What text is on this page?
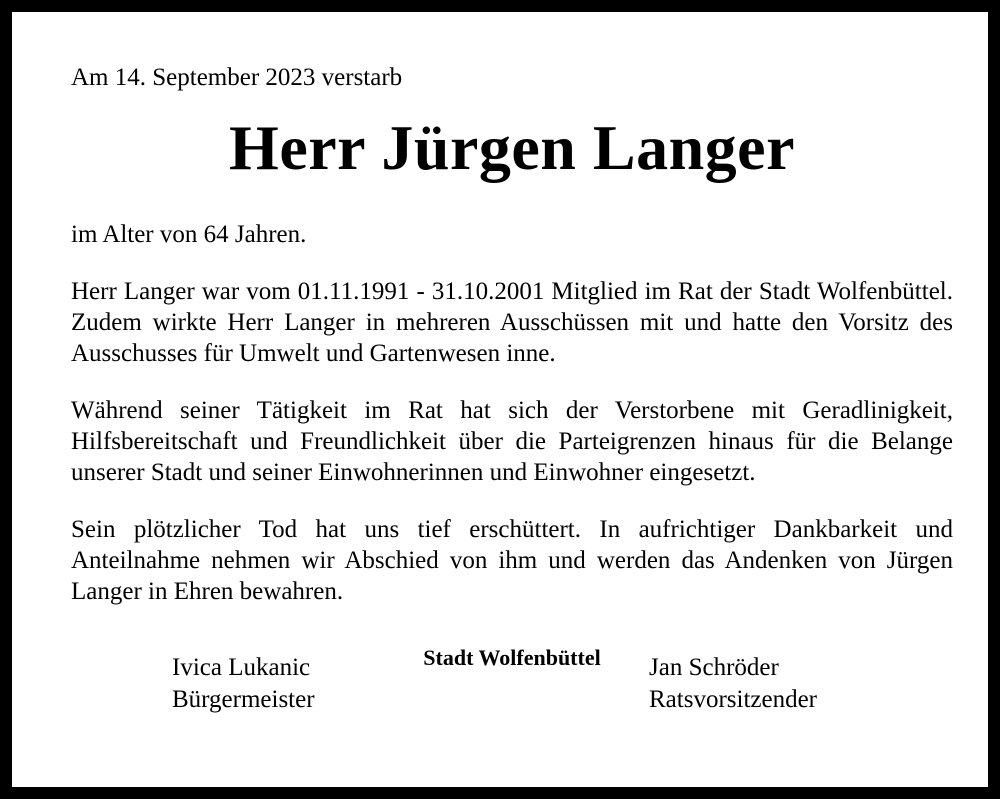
Am 14. September 2023 verstarb

Herr Jürgen Langer

im Alter von 64 Jahren.

Herr Langer war vom 01.11.1991 - 31.10.2001 Mitglied im Rat der Stadt Wolfenbüttel. Zudem wirkte Herr Langer in mehreren Ausschüssen mit und hatte den Vorsitz des Ausschusses für Umwelt und Gartenwesen inne.

Während seiner Tätigkeit im Rat hat sich der Verstorbene mit Geradlinigkeit, Hilfsbereitschaft und Freundlichkeit über die Parteigrenzen hinaus für die Belange unserer Stadt und seiner Einwohnerinnen und Einwohner eingesetzt.

Sein plötzlicher Tod hat uns tief erschüttert. In aufrichtiger Dankbarkeit und Anteilnahme nehmen wir Abschied von ihm und werden das Andenken von Jürgen Langer in Ehren bewahren.

Stadt Wolfenbüttel
Ivica Lukanic
Bürgermeister
Jan Schröder
Ratsvorsitzender
